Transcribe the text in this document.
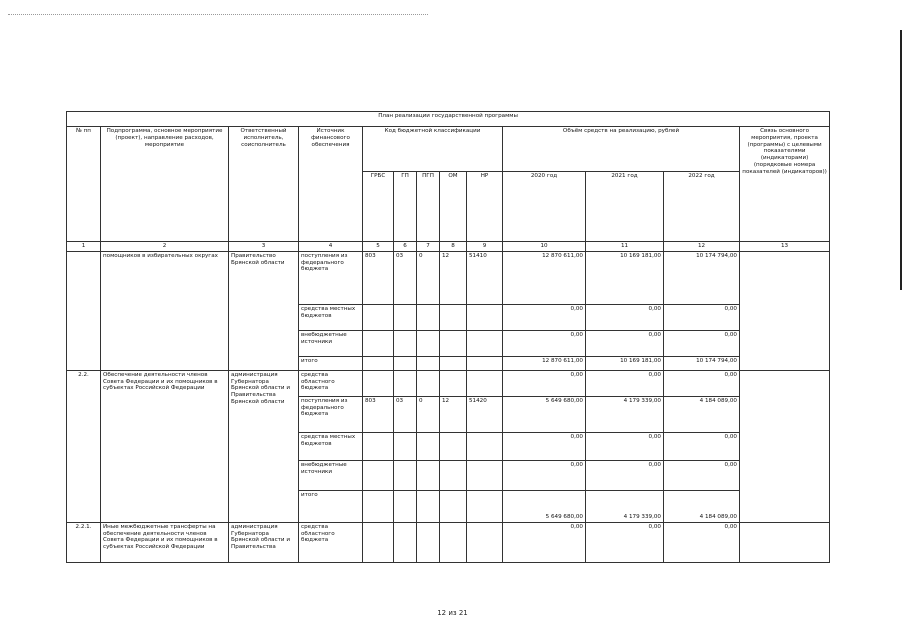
План реализации государственной программы												
№ пп	Подпрограмма, основное мероприятие (проект), направление расходов, мероприятие	Ответственный исполнитель, соисполнитель	Источник финансового обеспечения	Код бюджетной классификации					Объём средств на реализацию, рублей			Связь основного мероприятия, проекта (программы) с целевыми показателями (индикаторами) (порядковые номера показателей (индикаторов))
				ГРБС	ГП	ПГП	ОМ	НР	2020 год	2021 год	2022 год	
1	2	3	4	5	6	7	8	9	10	11	12	13
	помощников в избирательных округах	Правительство Брянской области	поступления из федерального бюджета	803	03	0	12	51410	12 870 611,00	10 169 181,00	10 174 794,00	
			средства местных бюджетов						0,00	0,00	0,00	
			внебюджетные источники						0,00	0,00	0,00	
			итого						12 870 611,00	10 169 181,00	10 174 794,00	
2.2.	Обеспечение деятельности членов Совета Федерации и их помощников в субъектах Российской Федерации	администрация Губернатора Брянской области и Правительства Брянской области	средства областного бюджета						0,00	0,00	0,00	
			поступления из федерального бюджета	803	03	0	12	51420	5 649 680,00	4 179 339,00	4 184 089,00	
			средства местных бюджетов						0,00	0,00	0,00	
			внебюджетные источники						0,00	0,00	0,00	
			итого						5 649 680,00	4 179 339,00	4 184 089,00	
2.2.1.	Иные межбюджетные трансферты на обеспечение деятельности членов Совета Федерации и их помощников в субъектах Российской Федерации	администрация Губернатора Брянской области и Правительства	средства областного бюджета						0,00	0,00	0,00	
12 из 21
